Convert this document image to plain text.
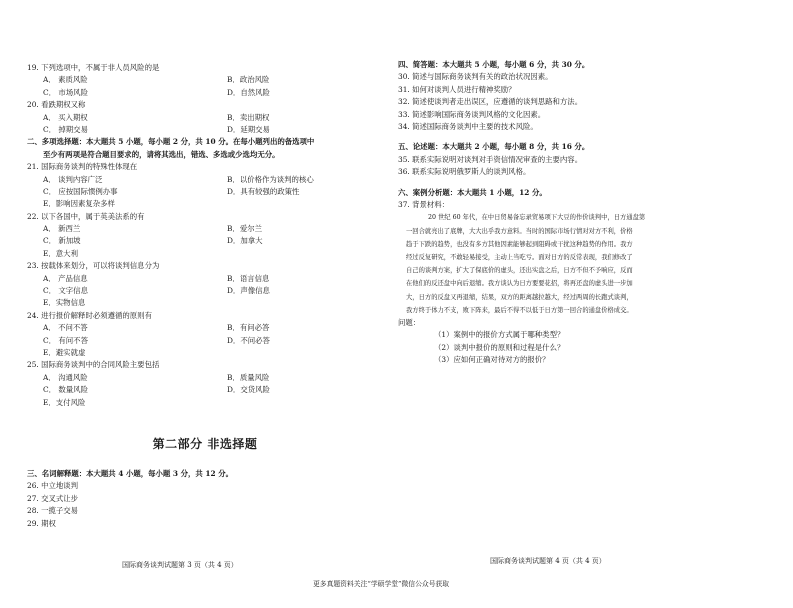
19. 下列选项中，不属于非人员风险的是
A． 素质风险	B．政治风险
C． 市场风险	D．自然风险
20. 看跌期权又称
A． 买入期权	B．卖出期权
C． 掉期交易	D．延期交易
二、多项选择题：本大题共 5 小题，每小题 2 分，共 10 分。在每小题列出的备选项中
至少有两项是符合题目要求的，请将其选出，错选、多选或少选均无分。
21. 国际商务谈判的特殊性体现在
A． 谈判内容广泛	B．以价格作为谈判的核心
C． 应按国际惯例办事	D．具有较强的政策性
E．影响因素复杂多样
22. 以下各国中，属于英美法系的有
A． 新西兰	B．爱尔兰
C． 新加坡	D．加拿大
E．意大利
23. 按载体来划分，可以将谈判信息分为
A． 产品信息	B．语言信息
C． 文字信息	D．声像信息
E．实物信息
24. 进行报价解释时必须遵循的原则有
A． 不问不答	B．有问必答
C． 有问不答	D．不问必答
E．避实就虚
25. 国际商务谈判中的合同风险主要包括
A． 沟通风险	B．质量风险
C． 数量风险	D．交货风险
E．支付风险
第二部分 非选择题
三、名词解释题：本大题共 4 小题，每小题 3 分，共 12 分。
26. 中立地谈判
27. 交叉式让步
28. 一揽子交易
29. 期权
国际商务谈判试题第 3 页（共 4 页）
四、简答题：本大题共 5 小题，每小题 6 分，共 30 分。
30. 简述与国际商务谈判有关的政治状况因素。
31. 如何对谈判人员进行精神奖励？
32. 简述使谈判者走出误区，应遵循的谈判思路和方法。
33. 简述影响国际商务谈判风格的文化因素。
34. 简述国际商务谈判中主要的技术风险。
五、论述题：本大题共 2 小题，每小题 8 分，共 16 分。
35. 联系实际说明对谈判对手资信情况审查的主要内容。
36. 联系实际说明俄罗斯人的谈判风格。
六、案例分析题：本大题共 1 小题，12 分。
37. 背景材料：
20 世纪 60 年代，在中日贸易备忘录贸易项下大豆的作价谈判中，日方通盘第
一回合就亮出了底牌，大大出乎我方意料。当时的国际市场行情对对方不利，价格
趋于下跌的趋势，也没有多方其他因素能够起到阻碍或干扰这种趋势的作用。我方
经过反复研究，不敢轻易接受，主动上当吃亏。面对日方的反常表现，我们修改了
自己的谈判方案，扩大了保底价的虚头，还出实盘之后，日方不但不予响应，反而
在他们的反还盘中向后退缩。我方谈认为日方要要花招，将再还盘的虚头进一步加
大，日方的反盘又再退缩，结果，双方的距离越拉越大，经过两周的长跑式谈判，
我方终于体力不支，败下阵来，最后不得不以低于日方第一回合的通盘价格成交。
问题：
（1）案例中的报价方式属于哪种类型？
（2）谈判中报价的原则和过程是什么？
（3）应如何正确对待对方的报价？
国际商务谈判试题第 4 页（共 4 页）
更多真题资料关注“学硕学堂”微信公众号获取
